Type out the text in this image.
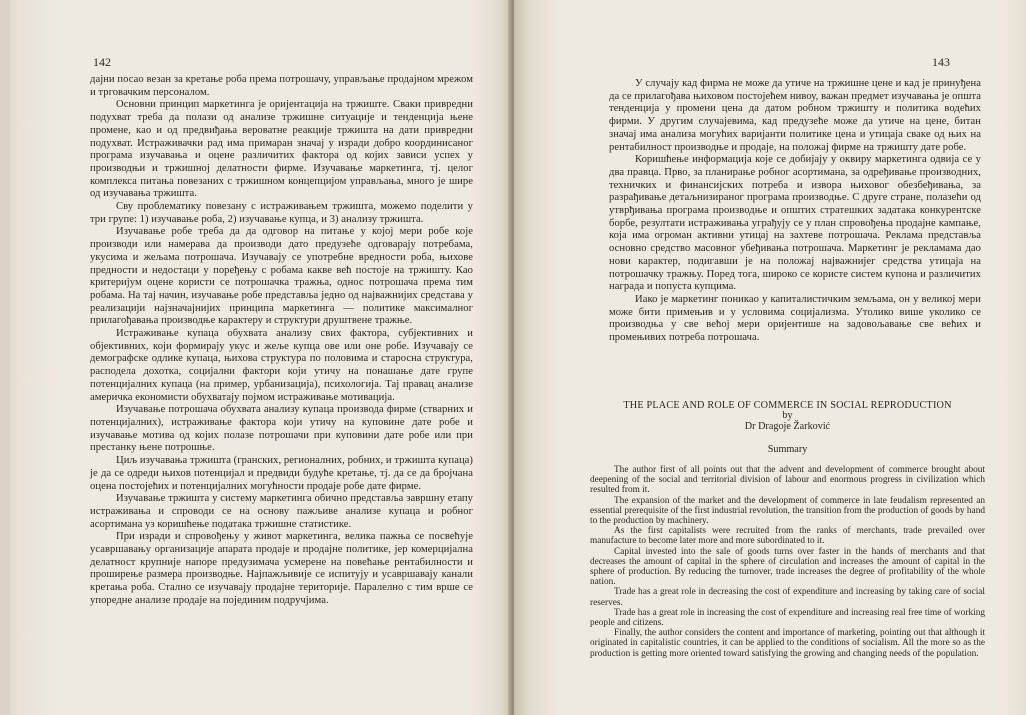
142

дајни посао везан за кретање роба према потрошачу, управљање продајном мрежом и трговачким персоналом.

Основни принцип маркетинга је оријентација на тржиште. Сваки привредни подухват треба да полази од анализе тржишне ситуације и тенденција њене промене, као и од предвиђања вероватне реакције тржишта на дати привредни подухват. Истраживачки рад има примаран значај у изради добро координисаног програма изучавања и оцене различитих фактора од којих зависи успех у производњи и тржишној делатности фирме. Изучавање маркетинга, тј. целог комплекса питања повезаних с тржишном концепцијом управљања, много је шире од изучавања тржишта.

Сву проблематику повезану с истраживањем тржишта, можемо поделити у три групе: 1) изучавање роба, 2) изучавање купца, и 3) анализу тржишта.

Изучавање робе треба да да одговор на питање у којој мери робе које производи или намерава да производи дато предузеће одговарају потребама, укусима и жељама потрошача. Изучавају се употребне вредности роба, њихове предности и недостаци у поређењу с робама какве већ постоје на тржишту. Као критеријум оцене користи се потрошачка тражња, однос потрошача према тим робама. На тај начин, изучавање робе представља једно од најважнијих средстава у реализацији најзначајнијих принципа маркетинга — политике максималног прилагођавања производње карактеру и структури друштвене тражње.

Истраживање купаца обухвата анализу свих фактора, субјективних и објективних, који формирају укус и жеље купца ове или оне робе. Изучавају се демографске одлике купаца, њихова структура по половима и старосна структура, расподела дохотка, социјални фактори који утичу на понашање дате групе потенцијалних купаца (на пример, урбанизација), психологија. Тај правац анализе америчка економисти обухватају појмом истраживање мотивација.

Изучавање потрошача обухвата анализу купаца производа фирме (стварних и потенцијалних), истраживање фактора који утичу на куповине дате робе и изучавање мотива од којих полазе потрошачи при куповини дате робе или при престанку њене потрошње.

Циљ изучавања тржишта (гранских, регионалних, робних, и тржишта купаца) је да се одреди њихов потенцијал и предвиди будуће кретање, тј. да се да бројчана оцена постојећих и потенцијалних могућности продаје робе дате фирме.

Изучавање тржишта у систему маркетинга обично представља завршну етапу истраживања и спроводи се на основу пажљиве анализе купаца и робног асортимана уз коришћење података тржишне статистике.

При изради и спровођењу у живот маркетинга, велика пажња се посвећује усавршавању организације апарата продаје и продајне политике, јер комерцијална делатност крупније напоре предузимача усмерене на повећање рентабилности и проширење размера производње. Најпажљивије се испитују и усавршавају канали кретања роба. Стално се изучавају продајне територије. Паралелно с тим врше се упоредне анализе продаје на појединим подручјима.

143

У случају кад фирма не може да утиче на тржишне цене и кад је принуђена да се прилагођава њиховом постојећем нивоу, важан предмет изучавања је општа тенденција у промени цена да датом робном тржишту и политика водећих фирми. У другим случајевима, кад предузеће може да утиче на цене, битан значај има анализа могућих варијанти политике цена и утицаја сваке од њих на рентабилност производње и продаје, на положај фирме на тржишту дате робе.

Коришћење информација које се добијају у оквиру маркетинга одвија се у два правца. Прво, за планирање робног асортимана, за одређивање производних, техничких и финансијских потреба и извора њиховог обезбеђивања, за разрађивање детаљнизираног програма производње. С друге стране, полазећи од утврђивања програма производње и општих стратешких задатака конкурентске борбе, резултати истраживања уграђују се у план спровођења продајне кампање, која има огроман активни утицај на захтеве потрошача. Реклама представља основно средство масовног убеђивања потрошача. Маркетинг је рекламама дао нови карактер, подигавши је на положај најважнијег средства утицаја на потрошачку тражњу. Поред тога, широко се користе систем купона и различитих награда и попуста купцима.

Иако је маркетинг поникао у капиталистичким земљама, он у великој мери може бити примењив и у условима социјализма. Утолико више уколико се производња у све већој мери оријентише на задовољавање све већих и промењивих потреба потрошача.

THE PLACE AND ROLE OF COMMERCE IN SOCIAL REPRODUCTION
by
Dr Dragoje Žarković
Summary

The author first of all points out that the advent and development of commerce brought about deepening of the social and territorial division of labour and enormous progress in civilization which resulted from it.

The expansion of the market and the development of commerce in late feudalism represented an essential prerequisite of the first industrial revolution, the transition from the production of goods by hand to the production by machinery.

As the first capitalists were recruited from the ranks of merchants, trade prevailed over manufacture to become later more and more subordinated to it.

Capital invested into the sale of goods turns over faster in the hands of merchants and that decreases the amount of capital in the sphere of circulation and increases the amount of capital in the sphere of production. By reducing the turnover, trade increases the degree of profitability of the whole nation.

Trade has a great role in decreasing the cost of expenditure and increasing by taking care of social reserves.

Trade has a great role in increasing the cost of expenditure and increasing real free time of working people and citizens.

Finally, the author considers the content and importance of marketing, pointing out that although it originated in capitalistic countries, it can be applied to the conditions of socialism. All the more so as the production is getting more oriented toward satisfying the growing and changing needs of the population.
